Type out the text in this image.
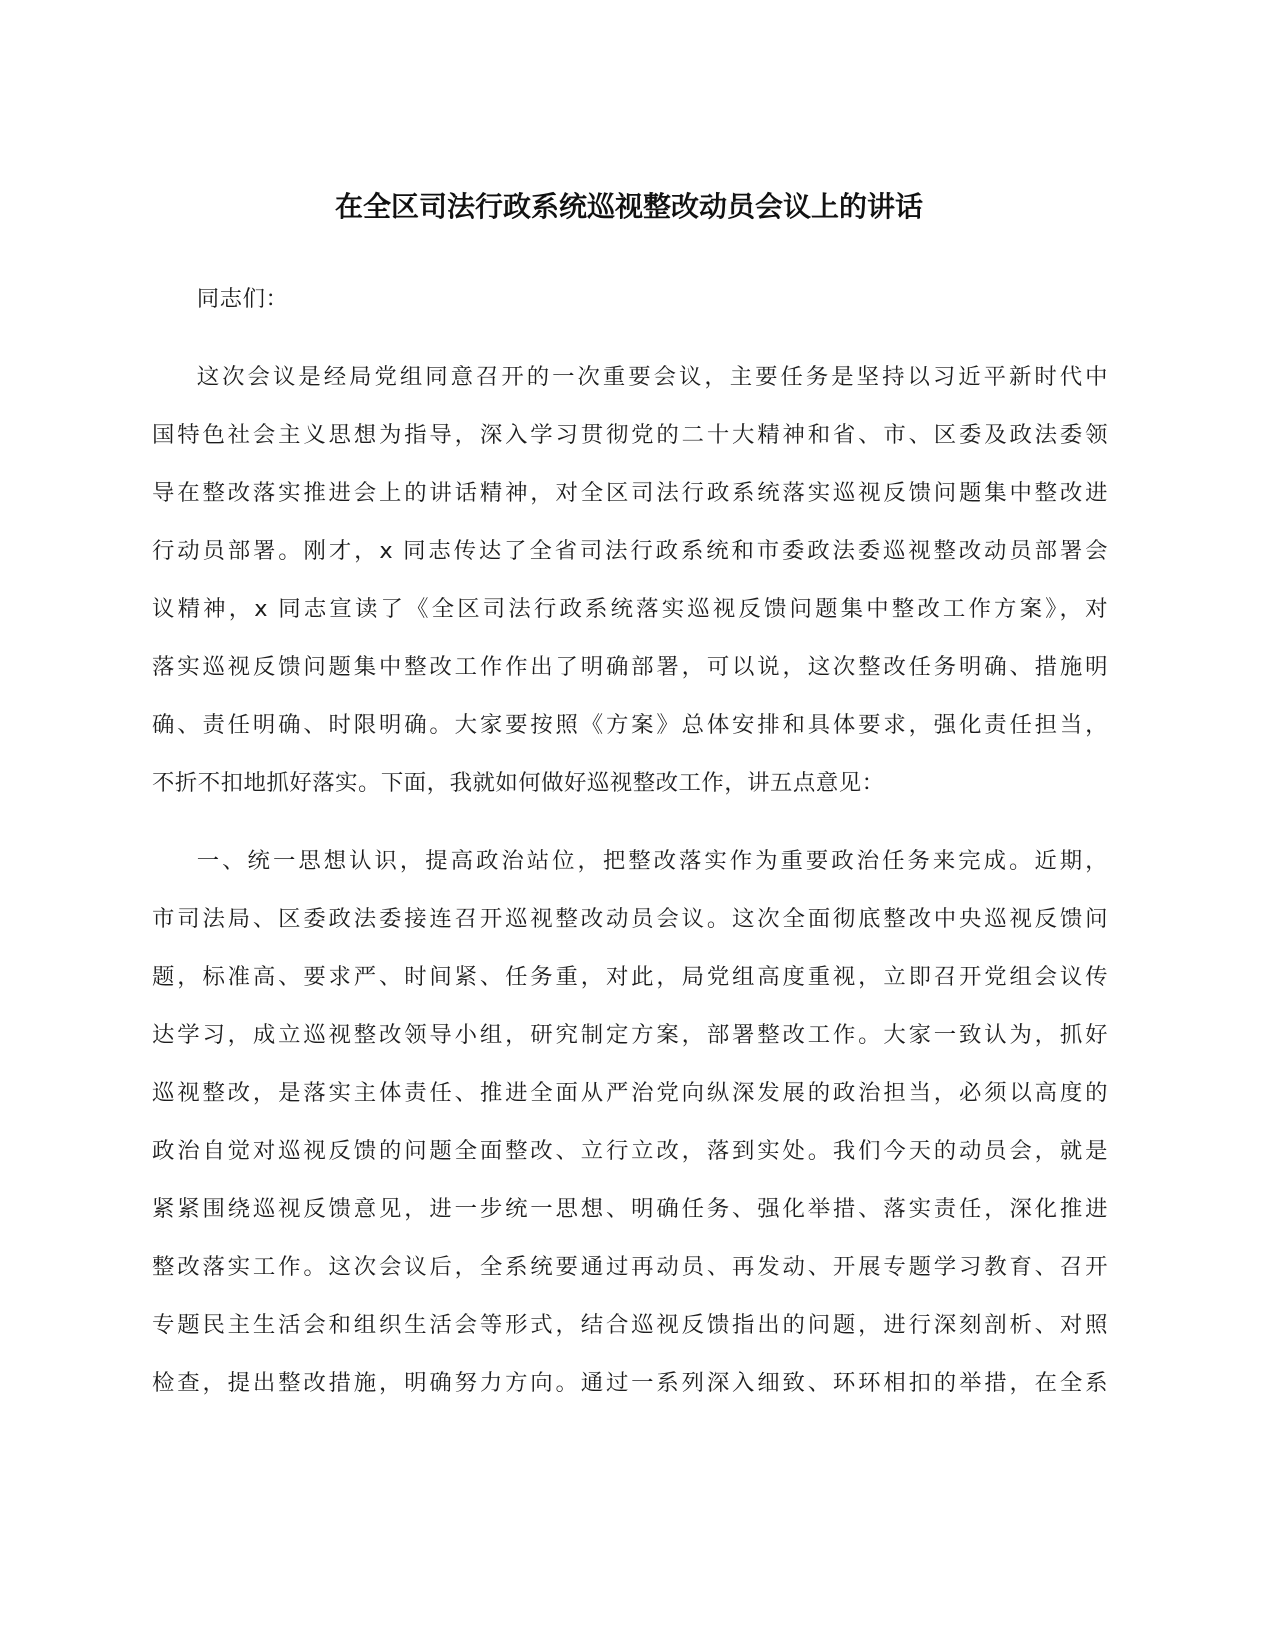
在全区司法行政系统巡视整改动员会议上的讲话

同志们：

这次会议是经局党组同意召开的一次重要会议，主要任务是坚持以习近平新时代中
国特色社会主义思想为指导，深入学习贯彻党的二十大精神和省、市、区委及政法委领
导在整改落实推进会上的讲话精神，对全区司法行政系统落实巡视反馈问题集中整改进
行动员部署。刚才，x 同志传达了全省司法行政系统和市委政法委巡视整改动员部署会
议精神，x 同志宣读了《全区司法行政系统落实巡视反馈问题集中整改工作方案》，对
落实巡视反馈问题集中整改工作作出了明确部署，可以说，这次整改任务明确、措施明
确、责任明确、时限明确。大家要按照《方案》总体安排和具体要求，强化责任担当，
不折不扣地抓好落实。下面，我就如何做好巡视整改工作，讲五点意见：

一、统一思想认识，提高政治站位，把整改落实作为重要政治任务来完成。近期，
市司法局、区委政法委接连召开巡视整改动员会议。这次全面彻底整改中央巡视反馈问
题，标准高、要求严、时间紧、任务重，对此，局党组高度重视，立即召开党组会议传
达学习，成立巡视整改领导小组，研究制定方案，部署整改工作。大家一致认为，抓好
巡视整改，是落实主体责任、推进全面从严治党向纵深发展的政治担当，必须以高度的
政治自觉对巡视反馈的问题全面整改、立行立改，落到实处。我们今天的动员会，就是
紧紧围绕巡视反馈意见，进一步统一思想、明确任务、强化举措、落实责任，深化推进
整改落实工作。这次会议后，全系统要通过再动员、再发动、开展专题学习教育、召开
专题民主生活会和组织生活会等形式，结合巡视反馈指出的问题，进行深刻剖析、对照
检查，提出整改措施，明确努力方向。通过一系列深入细致、环环相扣的举措，在全系
